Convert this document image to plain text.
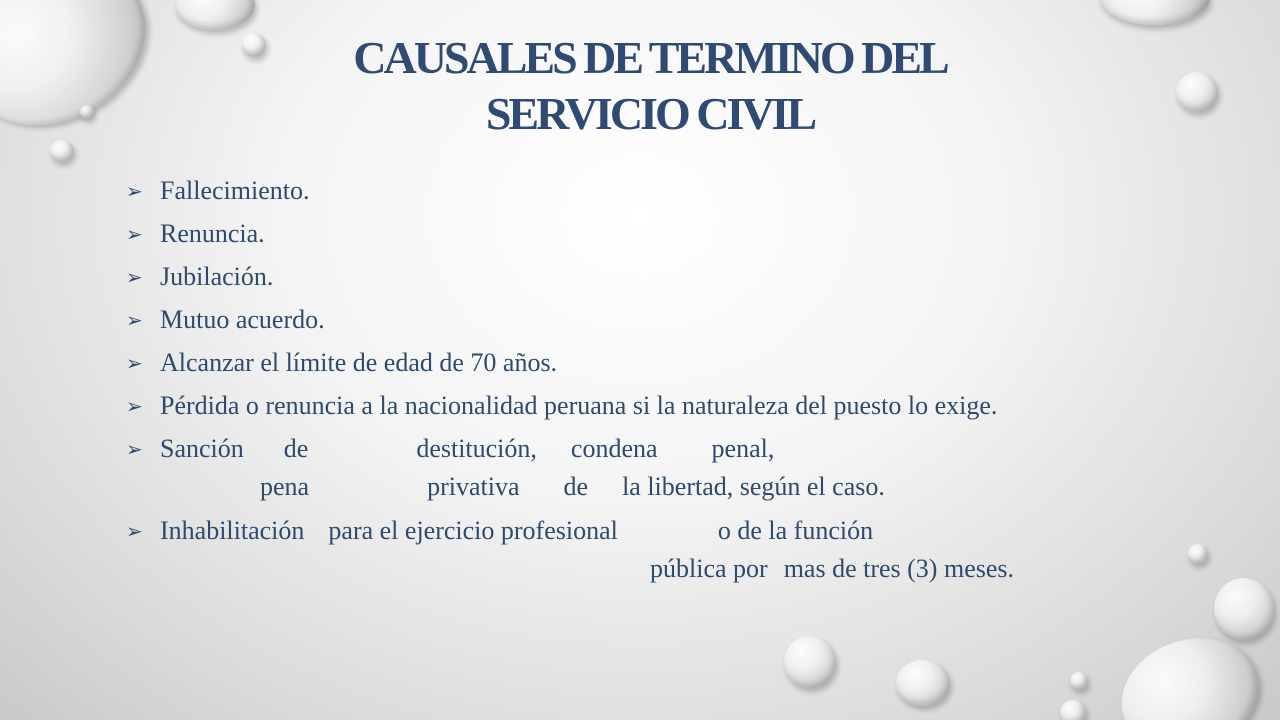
CAUSALES DE TERMINO DEL
SERVICIO CIVIL
➢ Fallecimiento.
➢ Renuncia.
➢ Jubilación.
➢ Mutuo acuerdo.
➢ Alcanzar el límite de edad de 70 años.
➢ Pérdida o renuncia a la nacionalidad peruana si la naturaleza del puesto lo exige.
➢ Sanción de	destitución, condena penal,
pena	privativa de la libertad, según el caso.
➢ Inhabilitación para el ejercicio profesional	o de la función
pública por mas de tres (3) meses.
